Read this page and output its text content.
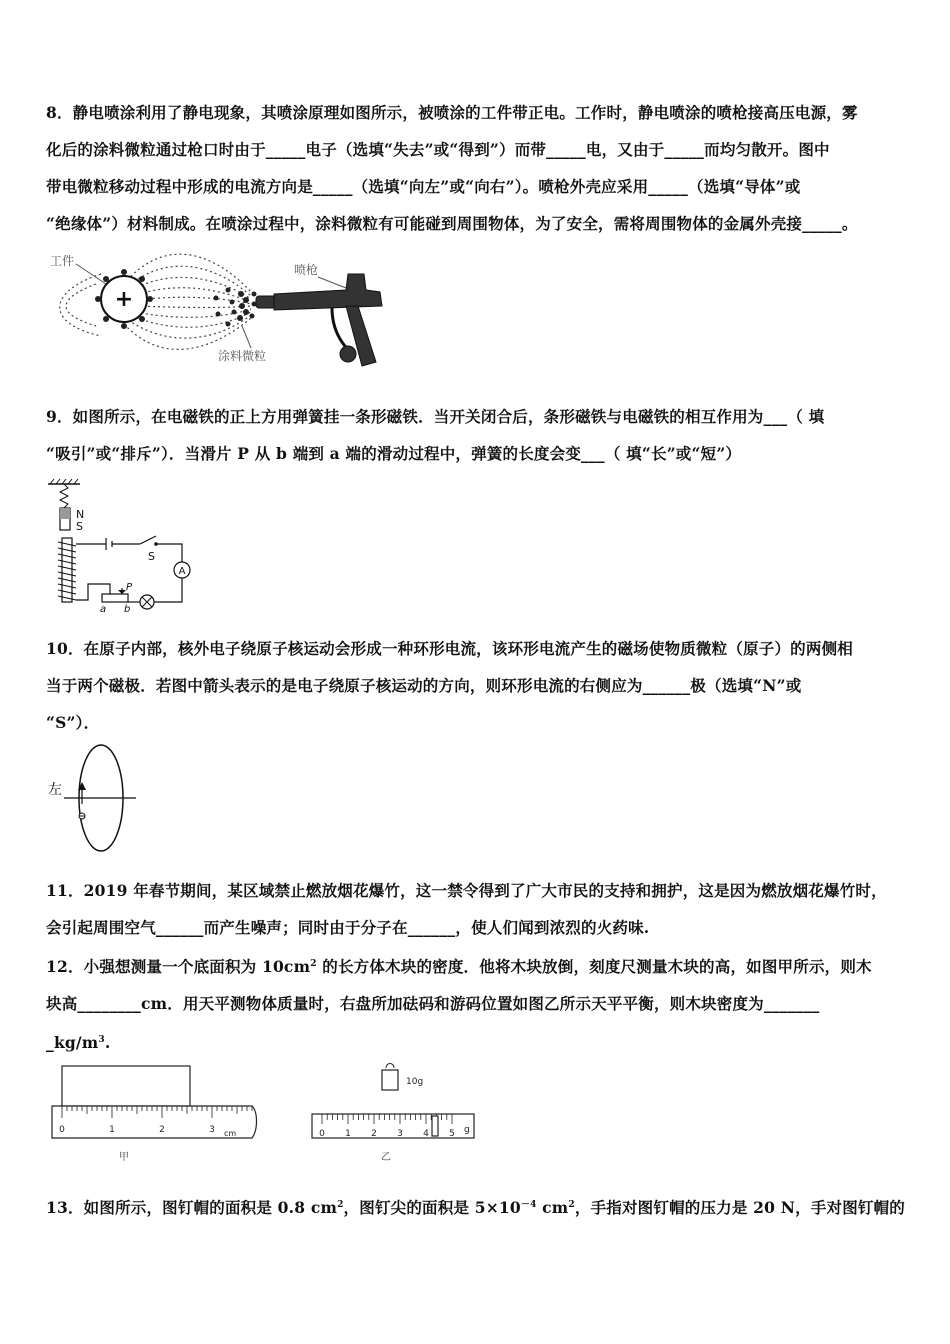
8．静电喷涂利用了静电现象，其喷涂原理如图所示，被喷涂的工件带正电。工作时，静电喷涂的喷枪接高压电源，雾

化后的涂料微粒通过枪口时由于_____电子（选填“失去”或“得到”）而带_____电，又由于_____而均匀散开。图中

带电微粒移动过程中形成的电流方向是_____（选填“向左”或“向右”）。喷枪外壳应采用_____（选填“导体”或

“绝缘体”）材料制成。在喷涂过程中，涂料微粒有可能碰到周围物体，为了安全，需将周围物体的金属外壳接_____。

+
工件
喷枪
涂料微粒

9．如图所示，在电磁铁的正上方用弹簧挂一条形磁铁．当开关闭合后，条形磁铁与电磁铁的相互作用为___（ 填

“吸引”或“排斥”）．当滑片 P 从 b 端到 a 端的滑动过程中，弹簧的长度会变___（ 填“长”或“短”）

N
S
A
S
P
a b

10．在原子内部，核外电子绕原子核运动会形成一种环形电流，该环形电流产生的磁场使物质微粒（原子）的两侧相

当于两个磁极．若图中箭头表示的是电子绕原子核运动的方向，则环形电流的右侧应为______极（选填“N”或

“S”）．

左

11．2019 年春节期间，某区域禁止燃放烟花爆竹，这一禁令得到了广大市民的支持和拥护，这是因为燃放烟花爆竹时，

会引起周围空气______而产生噪声；同时由于分子在______，使人们闻到浓烈的火药味.

12．小强想测量一个底面积为 $10cm^2$ 的长方体木块的密度．他将木块放倒，刻度尺测量木块的高，如图甲所示，则木

块高________cm．用天平测物体质量时，右盘所加砝码和游码位置如图乙所示天平平衡，则木块密度为_______

$\_kg/m^3$.

0	1	2	3 cm
甲
10g
0 1 2 3 4 5 g
乙

13．如图所示，图钉帽的面积是 0.8 $cm^2$，图钉尖的面积是 $5\times 10^{-4}$ $cm^2$，手指对图钉帽的压力是 20 N，手对图钉帽的
